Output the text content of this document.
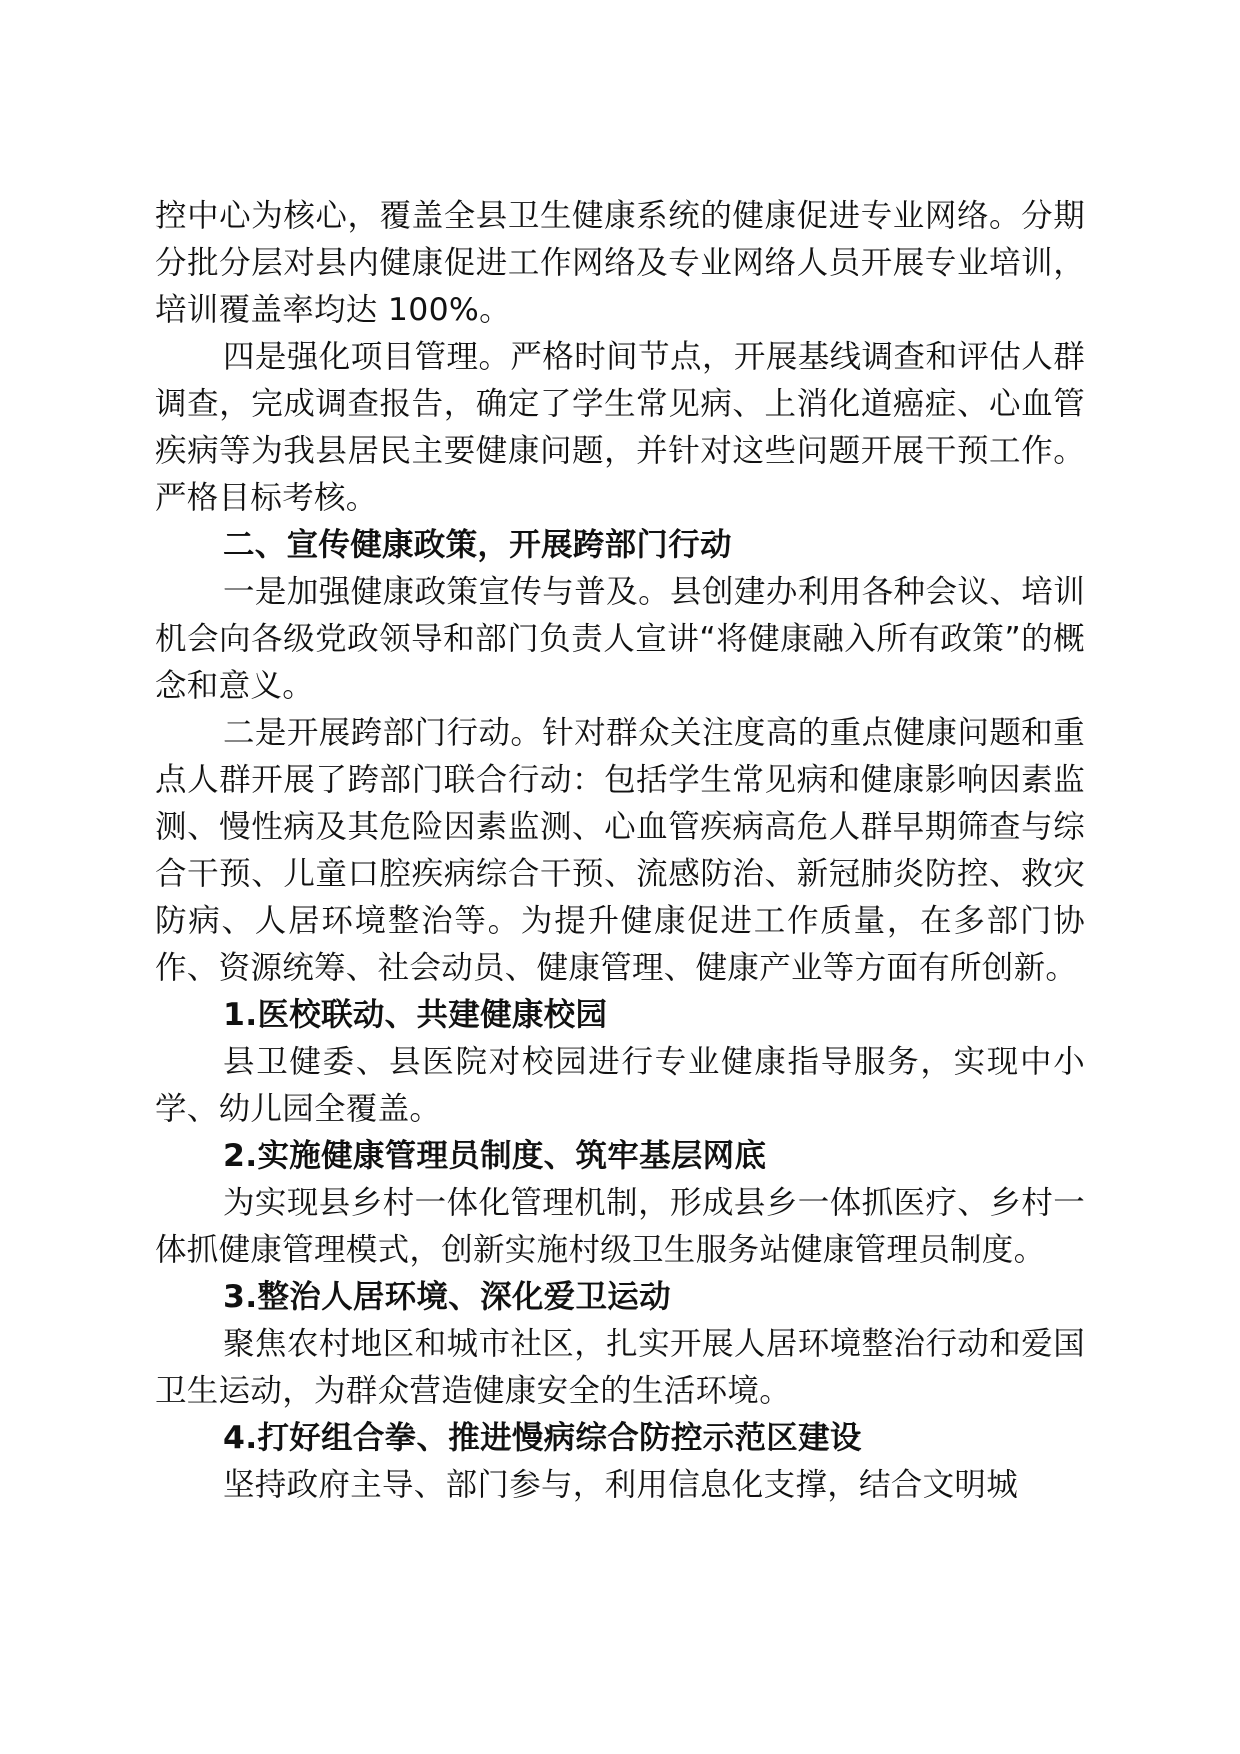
控中心为核心，覆盖全县卫生健康系统的健康促进专业网络。分期分批分层对县内健康促进工作网络及专业网络人员开展专业培训，培训覆盖率均达 100%。

四是强化项目管理。严格时间节点，开展基线调查和评估人群调查，完成调查报告，确定了学生常见病、上消化道癌症、心血管疾病等为我县居民主要健康问题，并针对这些问题开展干预工作。严格目标考核。

二、宣传健康政策，开展跨部门行动

一是加强健康政策宣传与普及。县创建办利用各种会议、培训机会向各级党政领导和部门负责人宣讲“将健康融入所有政策”的概念和意义。

二是开展跨部门行动。针对群众关注度高的重点健康问题和重点人群开展了跨部门联合行动：包括学生常见病和健康影响因素监测、慢性病及其危险因素监测、心血管疾病高危人群早期筛查与综合干预、儿童口腔疾病综合干预、流感防治、新冠肺炎防控、救灾防病、人居环境整治等。为提升健康促进工作质量，在多部门协作、资源统筹、社会动员、健康管理、健康产业等方面有所创新。

1.医校联动、共建健康校园

县卫健委、县医院对校园进行专业健康指导服务，实现中小学、幼儿园全覆盖。

2.实施健康管理员制度、筑牢基层网底

为实现县乡村一体化管理机制，形成县乡一体抓医疗、乡村一体抓健康管理模式，创新实施村级卫生服务站健康管理员制度。

3.整治人居环境、深化爱卫运动

聚焦农村地区和城市社区，扎实开展人居环境整治行动和爱国卫生运动，为群众营造健康安全的生活环境。

4.打好组合拳、推进慢病综合防控示范区建设

坚持政府主导、部门参与，利用信息化支撑，结合文明城
